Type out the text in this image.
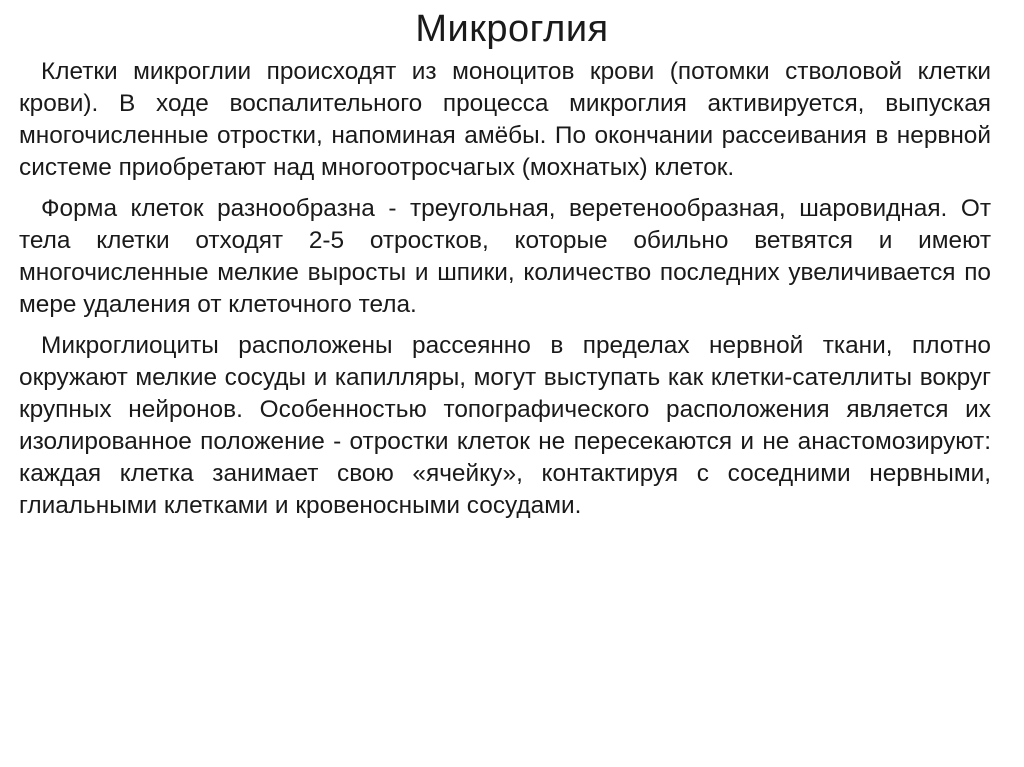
Микроглия

Клетки микроглии происходят из моноцитов крови (потомки стволовой клетки крови). В ходе воспалительного процесса микроглия активируется, выпуская многочисленные отростки, напоминая амёбы. По окончании рассеивания в нервной системе приобретают над многоотросчагых (мохнатых) клеток.

Форма клеток разнообразна - треугольная, веретенообразная, шаровидная. От тела клетки отходят 2-5 отростков, которые обильно ветвятся и имеют многочисленные мелкие выросты и шпики, количество последних увеличивается по мере удаления от клеточного тела.

Микроглиоциты расположены рассеянно в пределах нервной ткани, плотно окружают мелкие сосуды и капилляры, могут выступать как клетки-сателлиты вокруг крупных нейронов. Особенностью топографического расположения является их изолированное положение - отростки клеток не пересекаются и не анастомозируют: каждая клетка занимает свою «ячейку», контактируя с соседними нервными, глиальными клетками и кровеносными сосудами.
